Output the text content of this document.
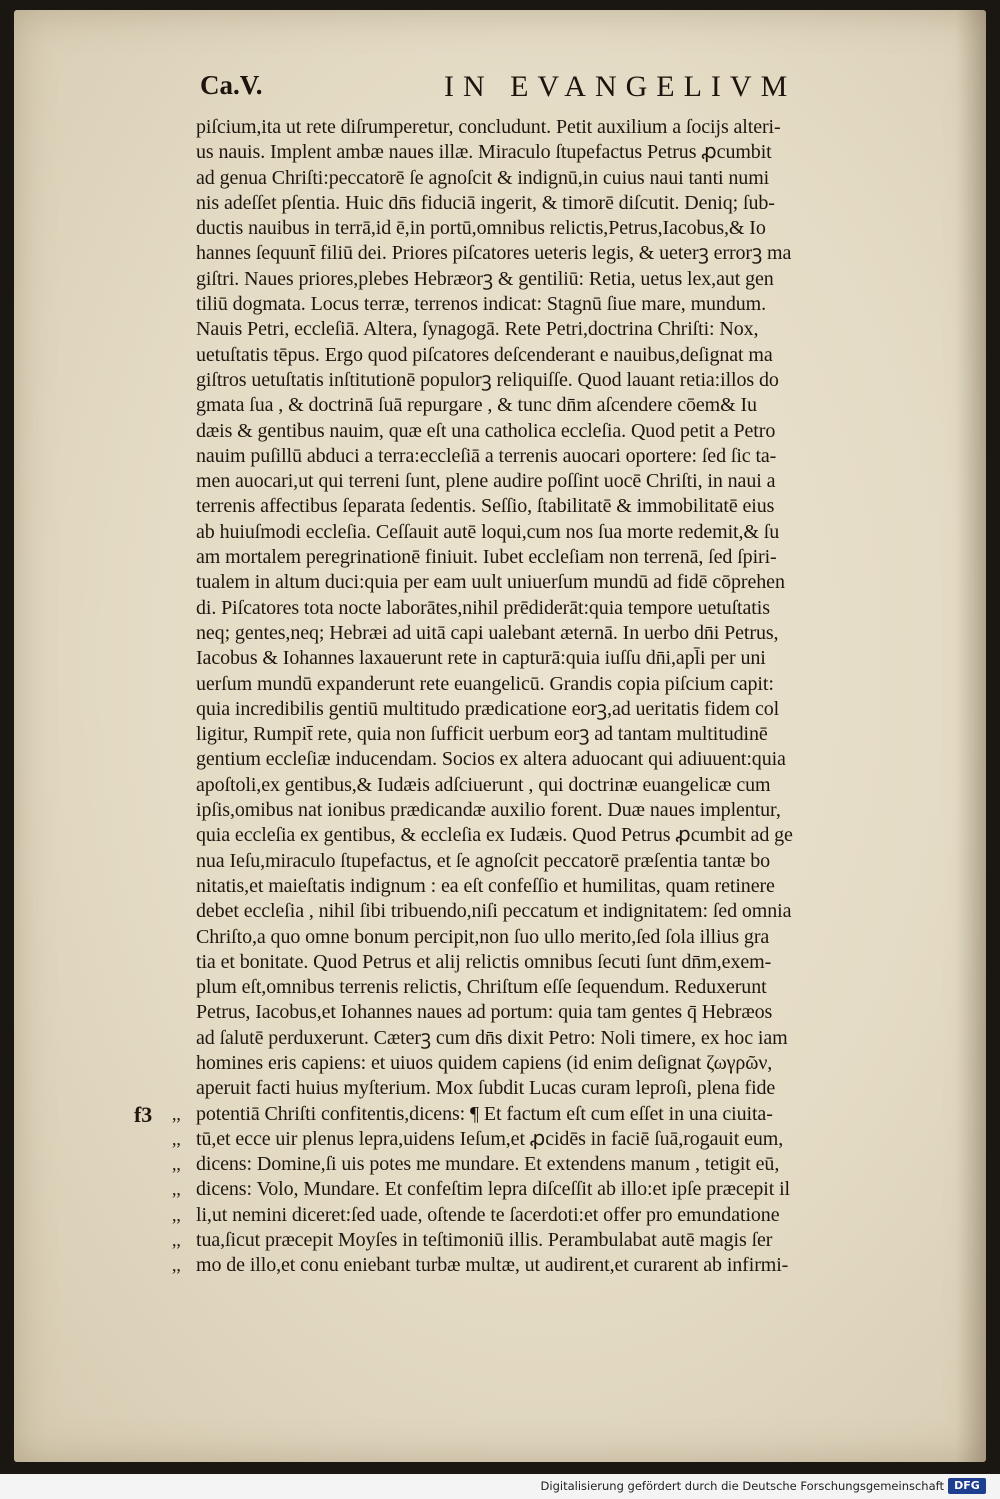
Ca.V.	IN EVANGELIVM
piſcium,ita ut rete diſrumperetur, concludunt. Petit auxilium a ſocijs alteri-
us nauis. Implent ambæ naues illæ. Miraculo ſtupefactus Petrus ꝓcumbit
ad genua Chriſti:peccatorē ſe agnoſcit & indignū,in cuius naui tanti numi
nis adeſſet pſentia. Huic dn̄s fiduciā ingerit, & timorē diſcutit. Deniq; ſub-
ductis nauibus in terrā,id ē,in portū,omnibus relictis,Petrus,Iacobus,& Io
hannes ſequunt̄ filiū dei. Priores piſcatores ueteris legis, & ueterꝫ errorꝫ ma
giſtri. Naues priores,plebes Hebræorꝫ & gentiliū: Retia, uetus lex,aut gen
tiliū dogmata. Locus terræ, terrenos indicat: Stagnū ſiue mare, mundum.
Nauis Petri, eccleſiā. Altera, ſynagogā. Rete Petri,doctrina Chriſti: Nox,
uetuſtatis tēpus. Ergo quod piſcatores deſcenderant e nauibus,deſignat ma
giſtros uetuſtatis inſtitutionē populorꝫ reliquiſſe. Quod lauant retia:illos do
gmata ſua , & doctrinā ſuā repurgare , & tunc dn̄m aſcendere cōem& Iu
dæis & gentibus nauim, quæ eſt una catholica eccleſia. Quod petit a Petro
nauim puſillū abduci a terra:eccleſiā a terrenis auocari oportere: ſed ſic ta-
men auocari,ut qui terreni ſunt, plene audire poſſint uocē Chriſti, in naui a
terrenis affectibus ſeparata ſedentis. Seſſio, ſtabilitatē & immobilitatē eius
ab huiuſmodi eccleſia. Ceſſauit autē loqui,cum nos ſua morte redemit,& ſu
am mortalem peregrinationē finiuit. Iubet eccleſiam non terrenā, ſed ſpiri-
tualem in altum duci:quia per eam uult uniuerſum mundū ad fidē cōprehen
di. Piſcatores tota nocte laborātes,nihil prēdiderāt:quia tempore uetuſtatis
neq; gentes,neq; Hebræi ad uitā capi ualebant æternā. In uerbo dn̄i Petrus,
Iacobus & Iohannes laxauerunt rete in capturā:quia iuſſu dn̄i,apl̄i per uni
uerſum mundū expanderunt rete euangelicū. Grandis copia piſcium capit:
quia incredibilis gentiū multitudo prædicatione eorꝫ,ad ueritatis fidem col
ligitur, Rumpit̄ rete, quia non ſufficit uerbum eorꝫ ad tantam multitudinē
gentium eccleſiæ inducendam. Socios ex altera aduocant qui adiuuent:quia
apoſtoli,ex gentibus,& Iudæis adſciuerunt , qui doctrinæ euangelicæ cum
ipſis,omibus nat ionibus prædicandæ auxilio forent. Duæ naues implentur,
quia eccleſia ex gentibus, & eccleſia ex Iudæis. Quod Petrus ꝓcumbit ad ge
nua Ieſu,miraculo ſtupefactus, et ſe agnoſcit peccatorē præſentia tantæ bo
nitatis,et maieſtatis indignum : ea eſt confeſſio et humilitas, quam retinere
debet eccleſia , nihil ſibi tribuendo,niſi peccatum et indignitatem: ſed omnia
Chriſto,a quo omne bonum percipit,non ſuo ullo merito,ſed ſola illius gra
tia et bonitate. Quod Petrus et alij relictis omnibus ſecuti ſunt dn̄m,exem-
plum eſt,omnibus terrenis relictis, Chriſtum eſſe ſequendum. Reduxerunt
Petrus, Iacobus,et Iohannes naues ad portum: quia tam gentes q̄ Hebræos
ad ſalutē perduxerunt. Cæterꝫ cum dn̄s dixit Petro: Noli timere, ex hoc iam
homines eris capiens: et uiuos quidem capiens (id enim deſignat ζωγρῶν,
aperuit facti huius myſterium. Mox ſubdit Lucas curam leproſi, plena fide
f3 ,, potentiā Chriſti confitentis,dicens: ¶ Et factum eſt cum eſſet in una ciuita-
,, tū,et ecce uir plenus lepra,uidens Ieſum,et ꝓcidēs in faciē ſuā,rogauit eum,
,, dicens: Domine,ſi uis potes me mundare. Et extendens manum , tetigit eū,
,, dicens: Volo, Mundare. Et confeſtim lepra diſceſſit ab illo:et ipſe præcepit il
,, li,ut nemini diceret:ſed uade, oſtende te ſacerdoti:et offer pro emundatione
,, tua,ſicut præcepit Moyſes in teſtimoniū illis. Perambulabat autē magis ſer
,, mo de illo,et conu eniebant turbæ multæ, ut audirent,et curarent ab infirmi-
Digitalisierung gefördert durch die Deutsche Forschungsgemeinschaft DFG
